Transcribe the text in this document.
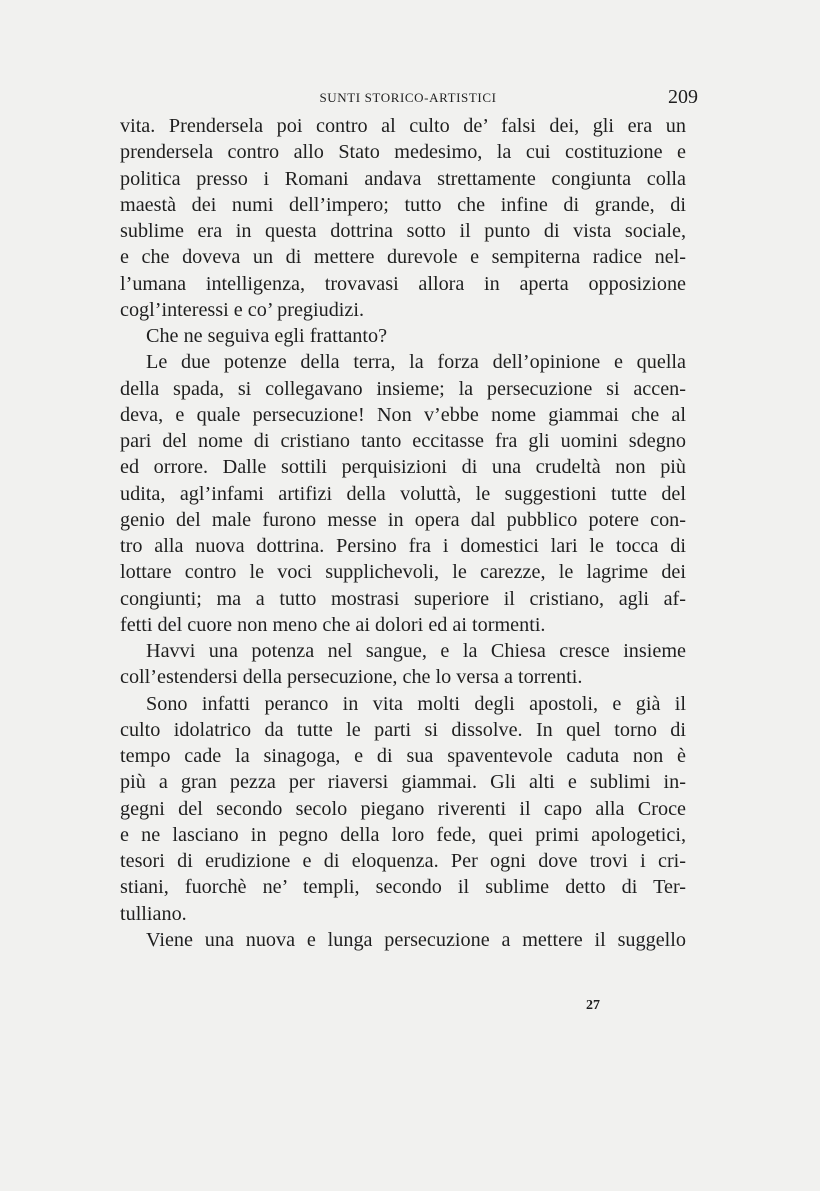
SUNTI STORICO-ARTISTICI	209
vita. Prendersela poi contro al culto de’ falsi dei, gli era un
prendersela contro allo Stato medesimo, la cui costituzione e
politica presso i Romani andava strettamente congiunta colla
maestà dei numi dell’impero; tutto che infine di grande, di
sublime era in questa dottrina sotto il punto di vista sociale,
e che doveva un di mettere durevole e sempiterna radice nel-
l’umana intelligenza, trovavasi allora in aperta opposizione
cogl’interessi e co’ pregiudizi.
Che ne seguiva egli frattanto?
Le due potenze della terra, la forza dell’opinione e quella
della spada, si collegavano insieme; la persecuzione si accen-
deva, e quale persecuzione! Non v’ebbe nome giammai che al
pari del nome di cristiano tanto eccitasse fra gli uomini sdegno
ed orrore. Dalle sottili perquisizioni di una crudeltà non più
udita, agl’infami artifizi della voluttà, le suggestioni tutte del
genio del male furono messe in opera dal pubblico potere con-
tro alla nuova dottrina. Persino fra i domestici lari le tocca di
lottare contro le voci supplichevoli, le carezze, le lagrime dei
congiunti; ma a tutto mostrasi superiore il cristiano, agli af-
fetti del cuore non meno che ai dolori ed ai tormenti.
Havvi una potenza nel sangue, e la Chiesa cresce insieme
coll’estendersi della persecuzione, che lo versa a torrenti.
Sono infatti peranco in vita molti degli apostoli, e già il
culto idolatrico da tutte le parti si dissolve. In quel torno di
tempo cade la sinagoga, e di sua spaventevole caduta non è
più a gran pezza per riaversi giammai. Gli alti e sublimi in-
gegni del secondo secolo piegano riverenti il capo alla Croce
e ne lasciano in pegno della loro fede, quei primi apologetici,
tesori di erudizione e di eloquenza. Per ogni dove trovi i cri-
stiani, fuorchè ne’ templi, secondo il sublime detto di Ter-
tulliano.
Viene una nuova e lunga persecuzione a mettere il suggello
27
